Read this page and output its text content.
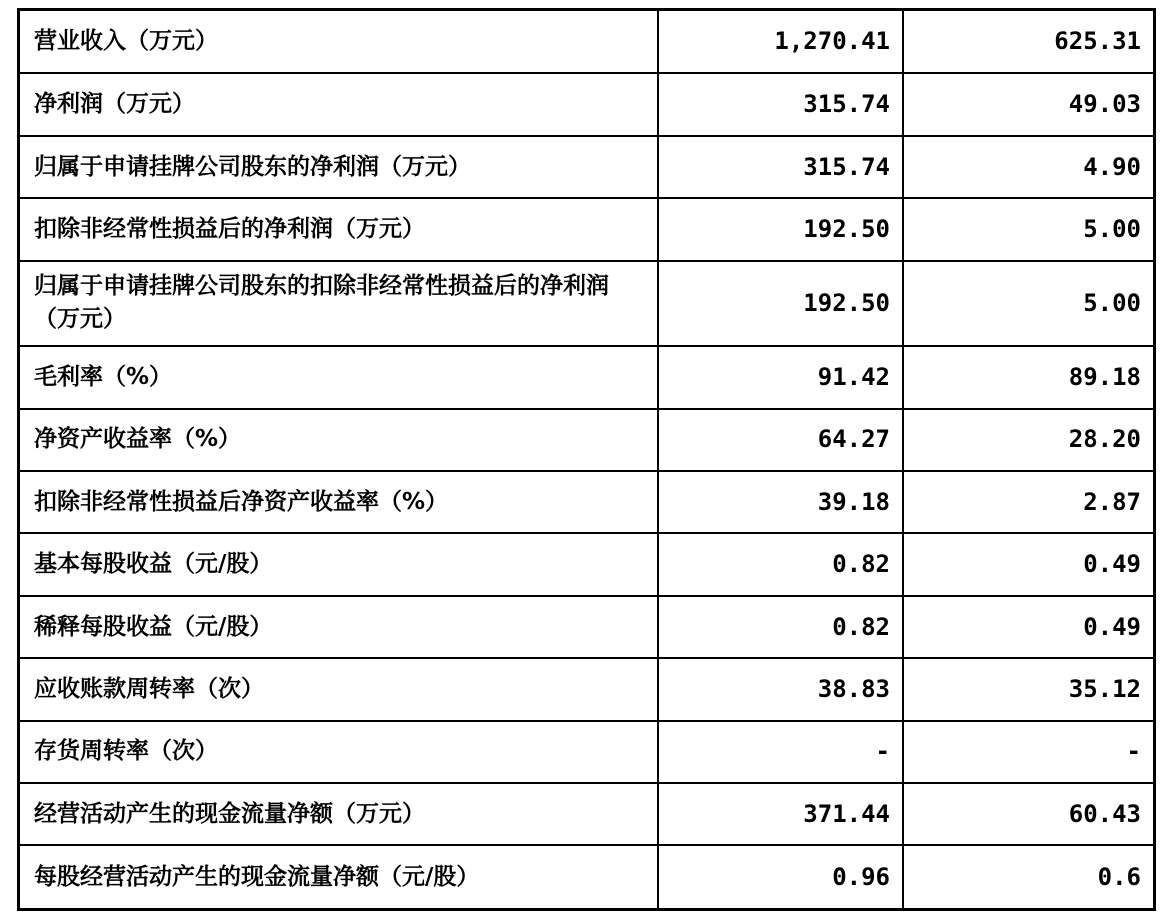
营业收入（万元）	1,270.41	625.31
净利润（万元）	315.74	49.03
归属于申请挂牌公司股东的净利润（万元）	315.74	4.90
扣除非经常性损益后的净利润（万元）	192.50	5.00
归属于申请挂牌公司股东的扣除非经常性损益后的净利润（万元）	192.50	5.00
毛利率（%）	91.42	89.18
净资产收益率（%）	64.27	28.20
扣除非经常性损益后净资产收益率（%）	39.18	2.87
基本每股收益（元/股）	0.82	0.49
稀释每股收益（元/股）	0.82	0.49
应收账款周转率（次）	38.83	35.12
存货周转率（次）	-	-
经营活动产生的现金流量净额（万元）	371.44	60.43
每股经营活动产生的现金流量净额（元/股）	0.96	0.6
